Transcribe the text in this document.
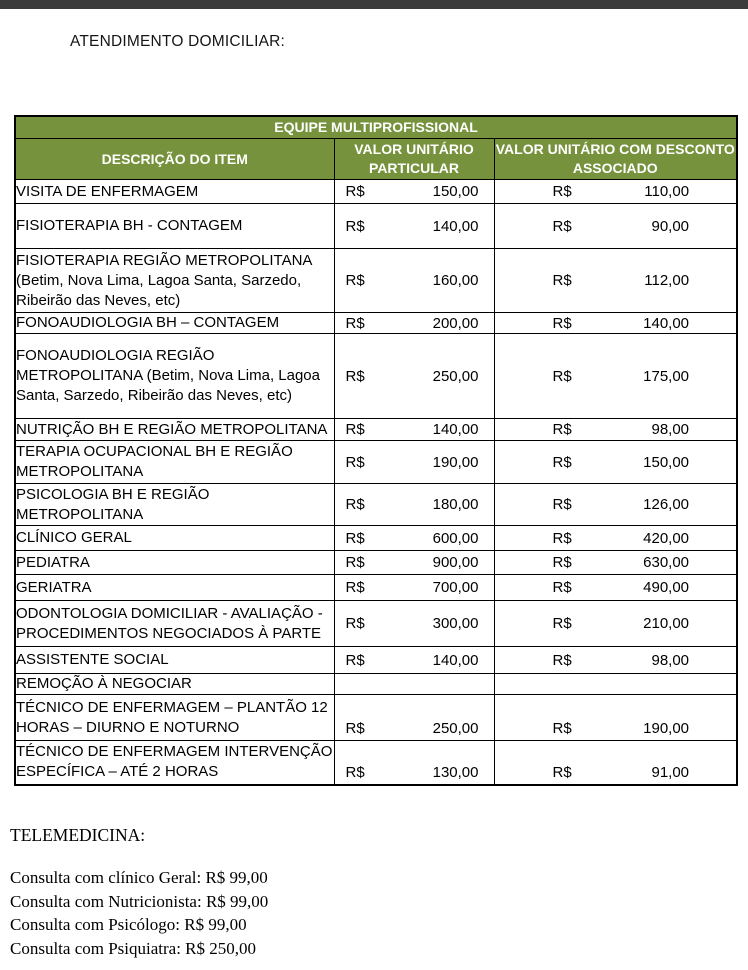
ATENDIMENTO DOMICILIAR:
EQUIPE MULTIPROFISSIONAL		
DESCRIÇÃO DO ITEM	VALOR UNITÁRIO PARTICULAR	VALOR UNITÁRIO COM DESCONTO ASSOCIADO
VISITA DE ENFERMAGEM	R$ 150,00	R$ 110,00

FISIOTERAPIA BH - CONTAGEM	R$ 140,00	R$ 90,00

FISIOTERAPIA REGIÃO METROPOLITANA (Betim, Nova Lima, Lagoa Santa, Sarzedo, Ribeirão das Neves, etc)	R$ 160,00	R$ 112,00

FONOAUDIOLOGIA BH – CONTAGEM	R$ 200,00	R$ 140,00

FONOAUDIOLOGIA REGIÃO METROPOLITANA (Betim, Nova Lima, Lagoa Santa, Sarzedo, Ribeirão das Neves, etc)	R$ 250,00	R$ 175,00

NUTRIÇÃO BH E REGIÃO METROPOLITANA	R$ 140,00	R$ 98,00

TERAPIA OCUPACIONAL BH E REGIÃO METROPOLITANA	R$ 190,00	R$ 150,00

PSICOLOGIA BH E REGIÃO METROPOLITANA	R$ 180,00	R$ 126,00

CLÍNICO GERAL	R$ 600,00	R$ 420,00

PEDIATRA	R$ 900,00	R$ 630,00

GERIATRA	R$ 700,00	R$ 490,00

ODONTOLOGIA DOMICILIAR - AVALIAÇÃO - PROCEDIMENTOS NEGOCIADOS À PARTE	R$ 300,00	R$ 210,00

ASSISTENTE SOCIAL	R$ 140,00	R$ 98,00

REMOÇÃO À NEGOCIAR		
TÉCNICO DE ENFERMAGEM – PLANTÃO 12 HORAS – DIURNO E NOTURNO	R$ 250,00	R$ 190,00

TÉCNICO DE ENFERMAGEM INTERVENÇÃO ESPECÍFICA – ATÉ 2 HORAS	R$ 130,00	R$ 91,00
TELEMEDICINA:

Consulta com clínico Geral: R$ 99,00

Consulta com Nutricionista: R$ 99,00

Consulta com Psicólogo: R$ 99,00

Consulta com Psiquiatra: R$ 250,00
